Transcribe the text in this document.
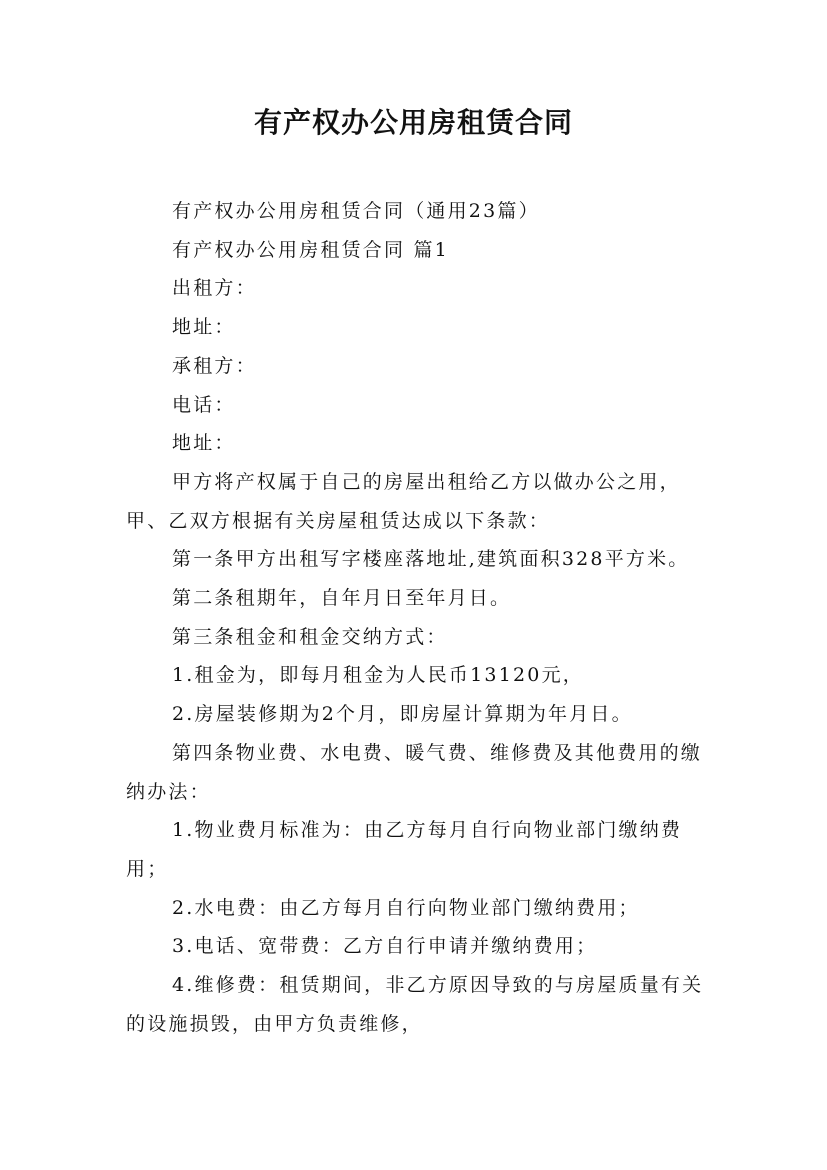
有产权办公用房租赁合同

有产权办公用房租赁合同（通用23篇）

有产权办公用房租赁合同 篇1

出租方：

地址：

承租方：

电话：

地址：

甲方将产权属于自己的房屋出租给乙方以做办公之用，甲、乙双方根据有关房屋租赁达成以下条款：

第一条甲方出租写字楼座落地址,建筑面积328平方米。

第二条租期年，自年月日至年月日。

第三条租金和租金交纳方式：

1.租金为，即每月租金为人民币13120元，

2.房屋装修期为2个月，即房屋计算期为年月日。

第四条物业费、水电费、暖气费、维修费及其他费用的缴纳办法：

1.物业费月标准为：由乙方每月自行向物业部门缴纳费用；

2.水电费：由乙方每月自行向物业部门缴纳费用；

3.电话、宽带费：乙方自行申请并缴纳费用；

4.维修费：租赁期间，非乙方原因导致的与房屋质量有关的设施损毁，由甲方负责维修，
